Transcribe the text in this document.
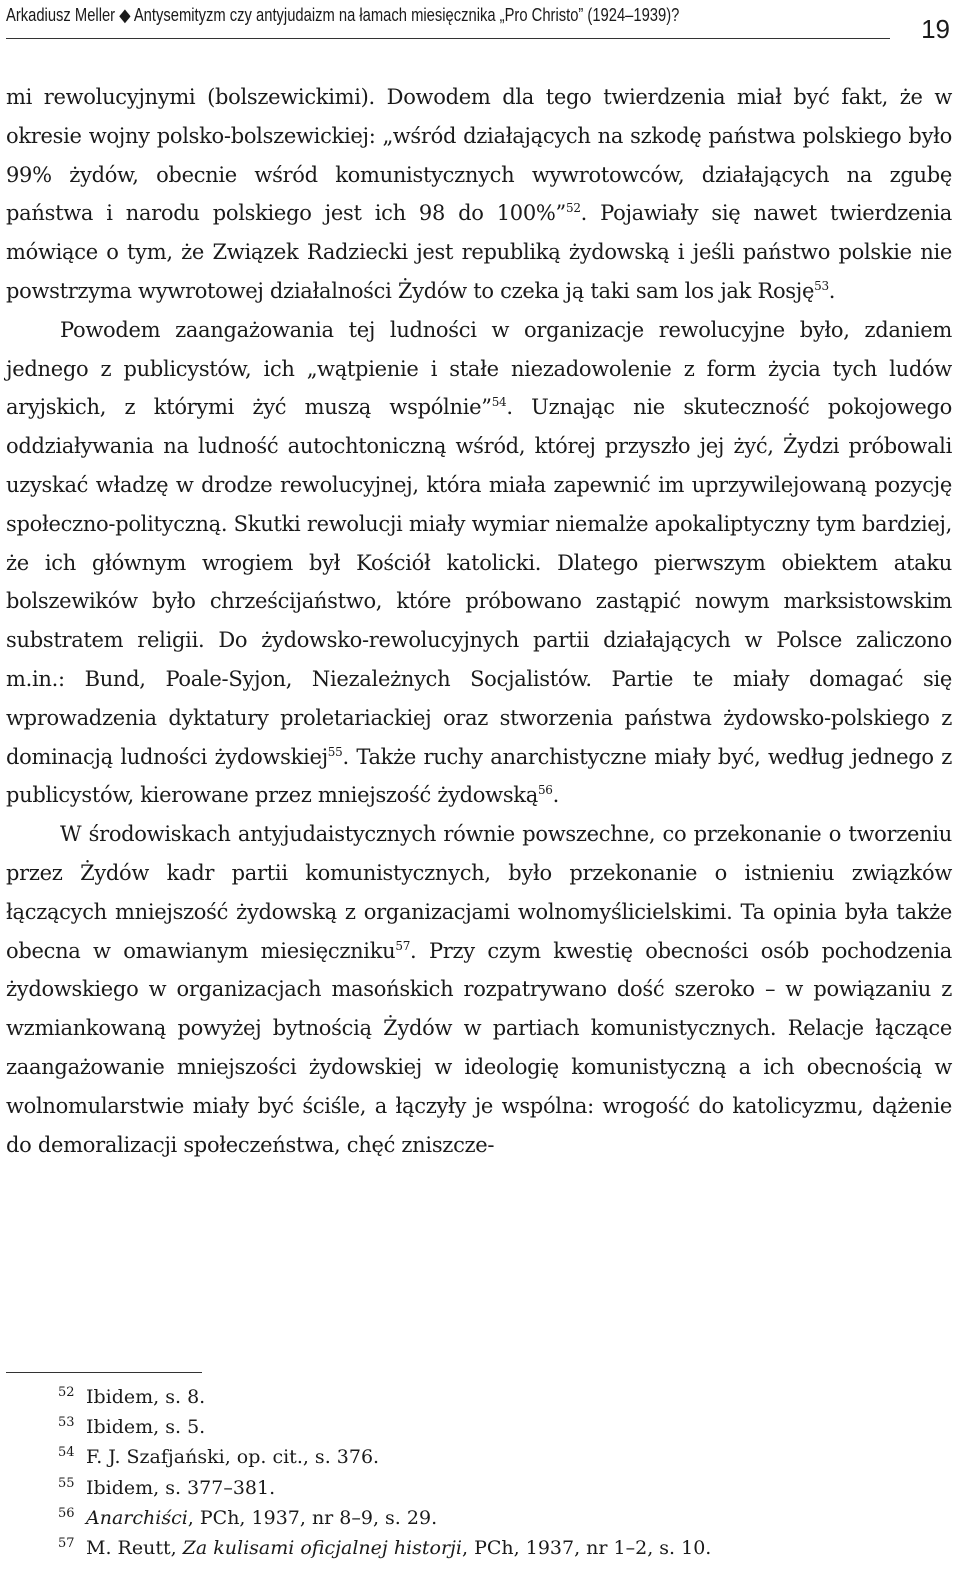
Arkadiusz Meller ◆ Antysemityzm czy antyjudaizm na łamach miesięcznika „Pro Christo” (1924–1939)?	19

mi rewolucyjnymi (bolszewickimi). Dowodem dla tego twierdzenia miał być fakt, że w okresie wojny polsko-bolszewickiej: „wśród działających na szkodę państwa polskiego było 99% żydów, obecnie wśród komunistycznych wywrotowców, działających na zgubę państwa i narodu polskiego jest ich 98 do 100%”$^{52}$. Pojawiały się nawet twierdzenia mówiące o tym, że Związek Radziecki jest republiką żydowską i jeśli państwo polskie nie powstrzyma wywrotowej działalności Żydów to czeka ją taki sam los jak Rosję$^{53}$.

Powodem zaangażowania tej ludności w organizacje rewolucyjne było, zdaniem jednego z publicystów, ich „wątpienie i stałe niezadowolenie z form życia tych ludów aryjskich, z którymi żyć muszą wspólnie”$^{54}$. Uznając nie skuteczność pokojowego oddziaływania na ludność autochtoniczną wśród, której przyszło jej żyć, Żydzi próbowali uzyskać władzę w drodze rewolucyjnej, która miała zapewnić im uprzywilejowaną pozycję społeczno-polityczną. Skutki rewolucji miały wymiar niemalże apokaliptyczny tym bardziej, że ich głównym wrogiem był Kościół katolicki. Dlatego pierwszym obiektem ataku bolszewików było chrześcijaństwo, które próbowano zastąpić nowym marksistowskim substratem religii. Do żydowsko-rewolucyjnych partii działających w Polsce zaliczono m.in.: Bund, Poale-Syjon, Niezależnych Socjalistów. Partie te miały domagać się wprowadzenia dyktatury proletariackiej oraz stworzenia państwa żydowsko-polskiego z dominacją ludności żydowskiej$^{55}$. Także ruchy anarchistyczne miały być, według jednego z publicystów, kierowane przez mniejszość żydowską$^{56}$.

W środowiskach antyjudaistycznych równie powszechne, co przekonanie o tworzeniu przez Żydów kadr partii komunistycznych, było przekonanie o istnieniu związków łączących mniejszość żydowską z organizacjami wolnomyślicielskimi. Ta opinia była także obecna w omawianym miesięczniku$^{57}$. Przy czym kwestię obecności osób pochodzenia żydowskiego w organizacjach masońskich rozpatrywano dość szeroko – w powiązaniu z wzmiankowaną powyżej bytnością Żydów w partiach komunistycznych. Relacje łączące zaangażowanie mniejszości żydowskiej w ideologię komunistyczną a ich obecnością w wolnomularstwie miały być ściśle, a łączyły je wspólna: wrogość do katolicyzmu, dążenie do demoralizacji społeczeństwa, chęć zniszcze-

52 Ibidem, s. 8.
53 Ibidem, s. 5.
54 F. J. Szafjański, op. cit., s. 376.
55 Ibidem, s. 377–381.
56 Anarchiści, PCh, 1937, nr 8–9, s. 29.
57 M. Reutt, Za kulisami oficjalnej historji, PCh, 1937, nr 1–2, s. 10.
